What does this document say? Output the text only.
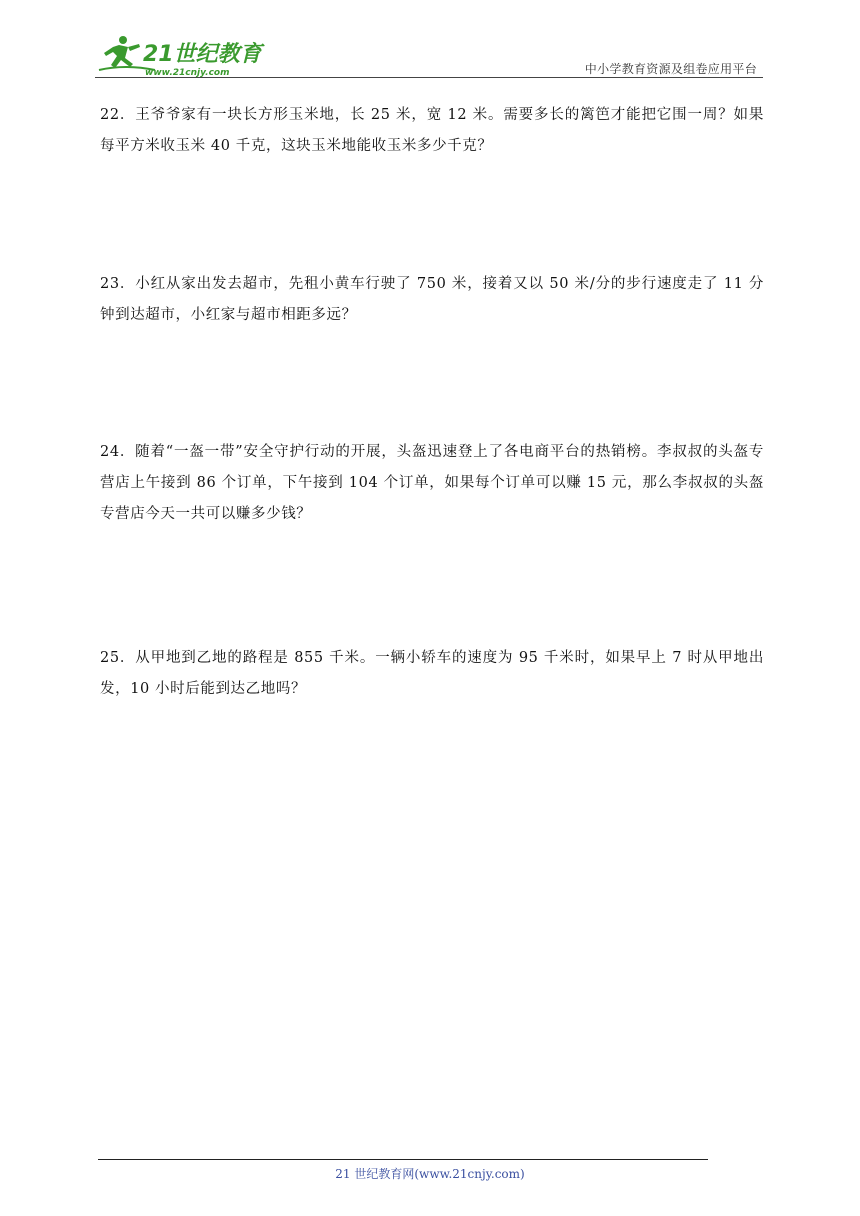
21世纪教育
www.21cnjy.com	中小学教育资源及组卷应用平台
22．王爷爷家有一块长方形玉米地，长 25 米，宽 12 米。需要多长的篱笆才能把它围一周？如果每平方米收玉米 40 千克，这块玉米地能收玉米多少千克？
23．小红从家出发去超市，先租小黄车行驶了 750 米，接着又以 50 米/分的步行速度走了 11 分钟到达超市，小红家与超市相距多远？
24．随着“一盔一带”安全守护行动的开展，头盔迅速登上了各电商平台的热销榜。李叔叔的头盔专营店上午接到 86 个订单，下午接到 104 个订单，如果每个订单可以赚 15 元，那么李叔叔的头盔专营店今天一共可以赚多少钱？
25．从甲地到乙地的路程是 855 千米。一辆小轿车的速度为 95 千米时，如果早上 7 时从甲地出发，10 小时后能到达乙地吗？
21 世纪教育网(www.21cnjy.com)
